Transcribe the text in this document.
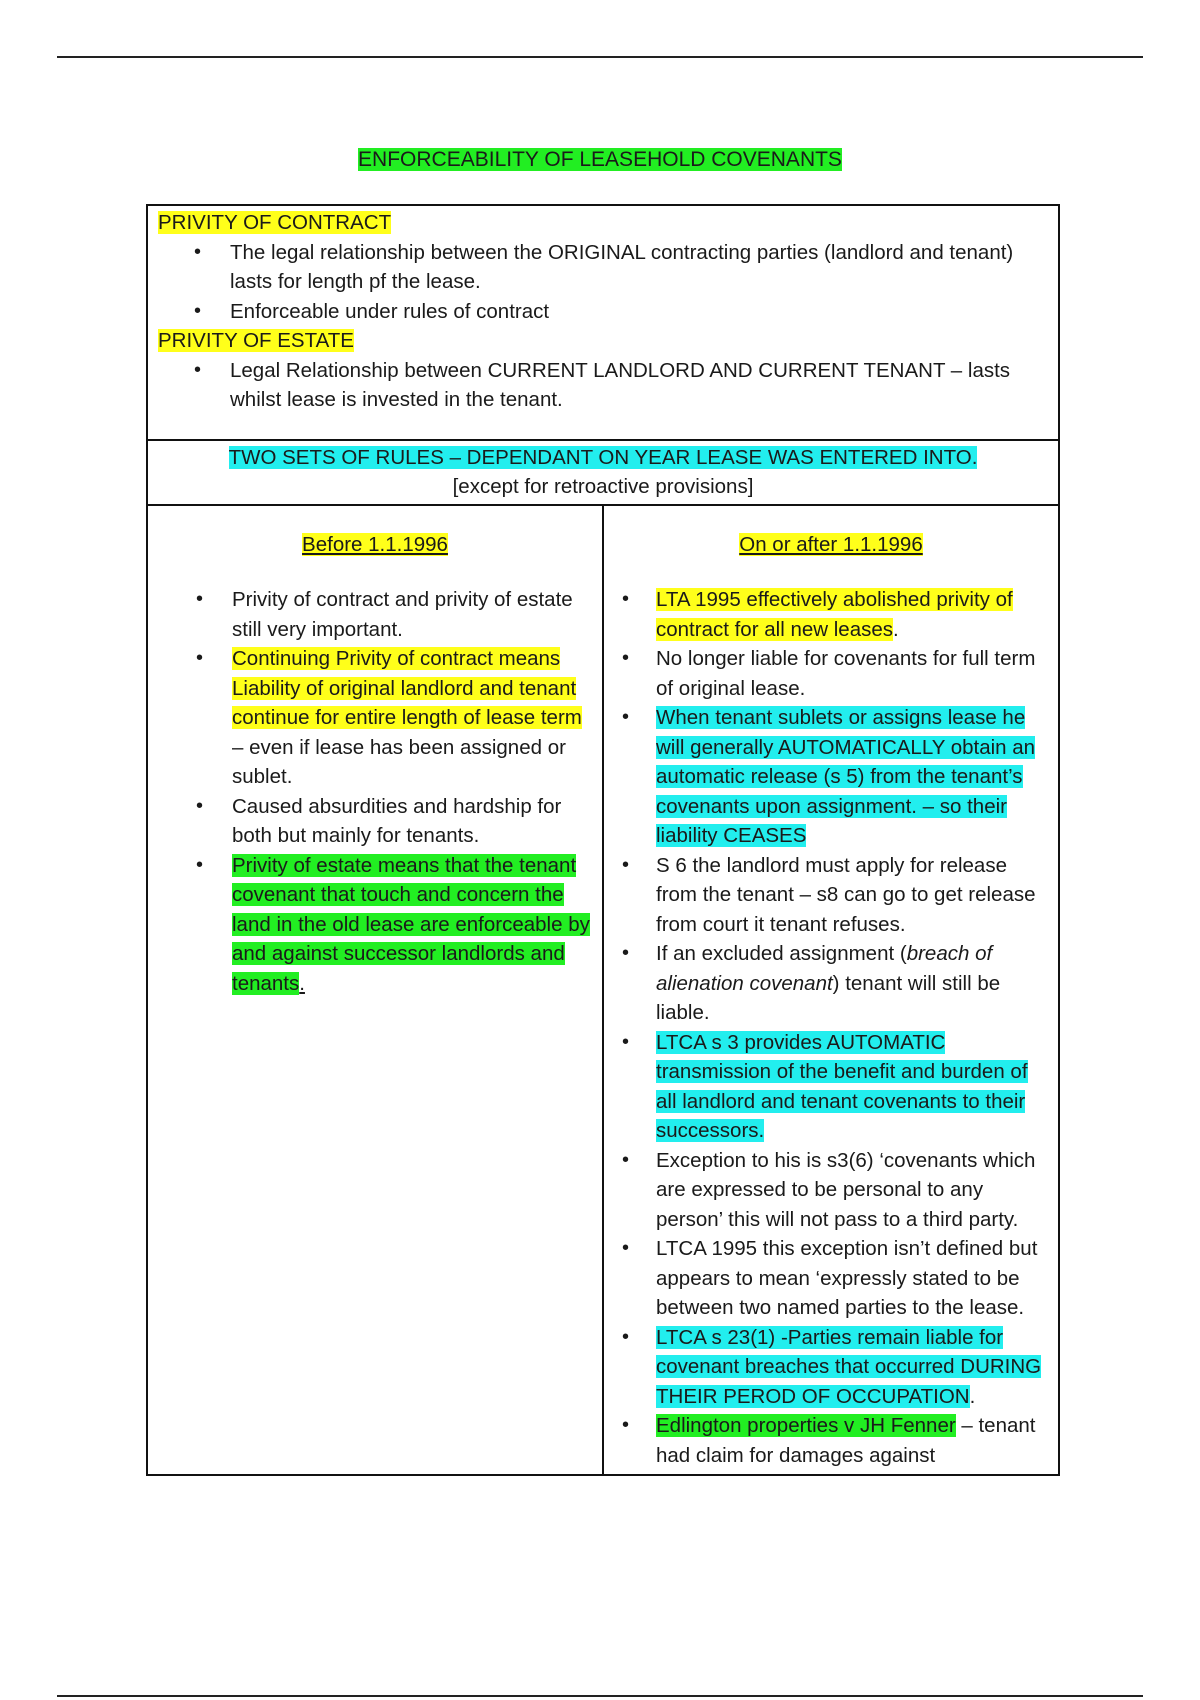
ENFORCEABILITY OF LEASEHOLD COVENANTS
PRIVITY OF CONTRACT
• The legal relationship between the ORIGINAL contracting parties (landlord and tenant) lasts for length pf the lease.
• Enforceable under rules of contract
PRIVITY OF ESTATE
• Legal Relationship between CURRENT LANDLORD AND CURRENT TENANT – lasts whilst lease is invested in the tenant.

TWO SETS OF RULES – DEPENDANT ON YEAR LEASE WAS ENTERED INTO.
[except for retroactive provisions]

Before 1.1.1996
• Privity of contract and privity of estate still very important.
• Continuing Privity of contract means Liability of original landlord and tenant continue for entire length of lease term – even if lease has been assigned or sublet.
• Caused absurdities and hardship for both but mainly for tenants.
• Privity of estate means that the tenant covenant that touch and concern the land in the old lease are enforceable by and against successor landlords and tenants.

On or after 1.1.1996
• LTA 1995 effectively abolished privity of contract for all new leases.
• No longer liable for covenants for full term of original lease.
• When tenant sublets or assigns lease he will generally AUTOMATICALLY obtain an automatic release (s 5) from the tenant’s covenants upon assignment. – so their liability CEASES
• S 6 the landlord must apply for release from the tenant – s8 can go to get release from court it tenant refuses.
• If an excluded assignment (breach of alienation covenant) tenant will still be liable.
• LTCA s 3 provides AUTOMATIC transmission of the benefit and burden of all landlord and tenant covenants to their successors.
• Exception to his is s3(6) ‘covenants which are expressed to be personal to any person’ this will not pass to a third party.
• LTCA 1995 this exception isn’t defined but appears to mean ‘expressly stated to be between two named parties to the lease.
• LTCA s 23(1) -Parties remain liable for covenant breaches that occurred DURING THEIR PEROD OF OCCUPATION.
• Edlington properties v JH Fenner – tenant had claim for damages against
